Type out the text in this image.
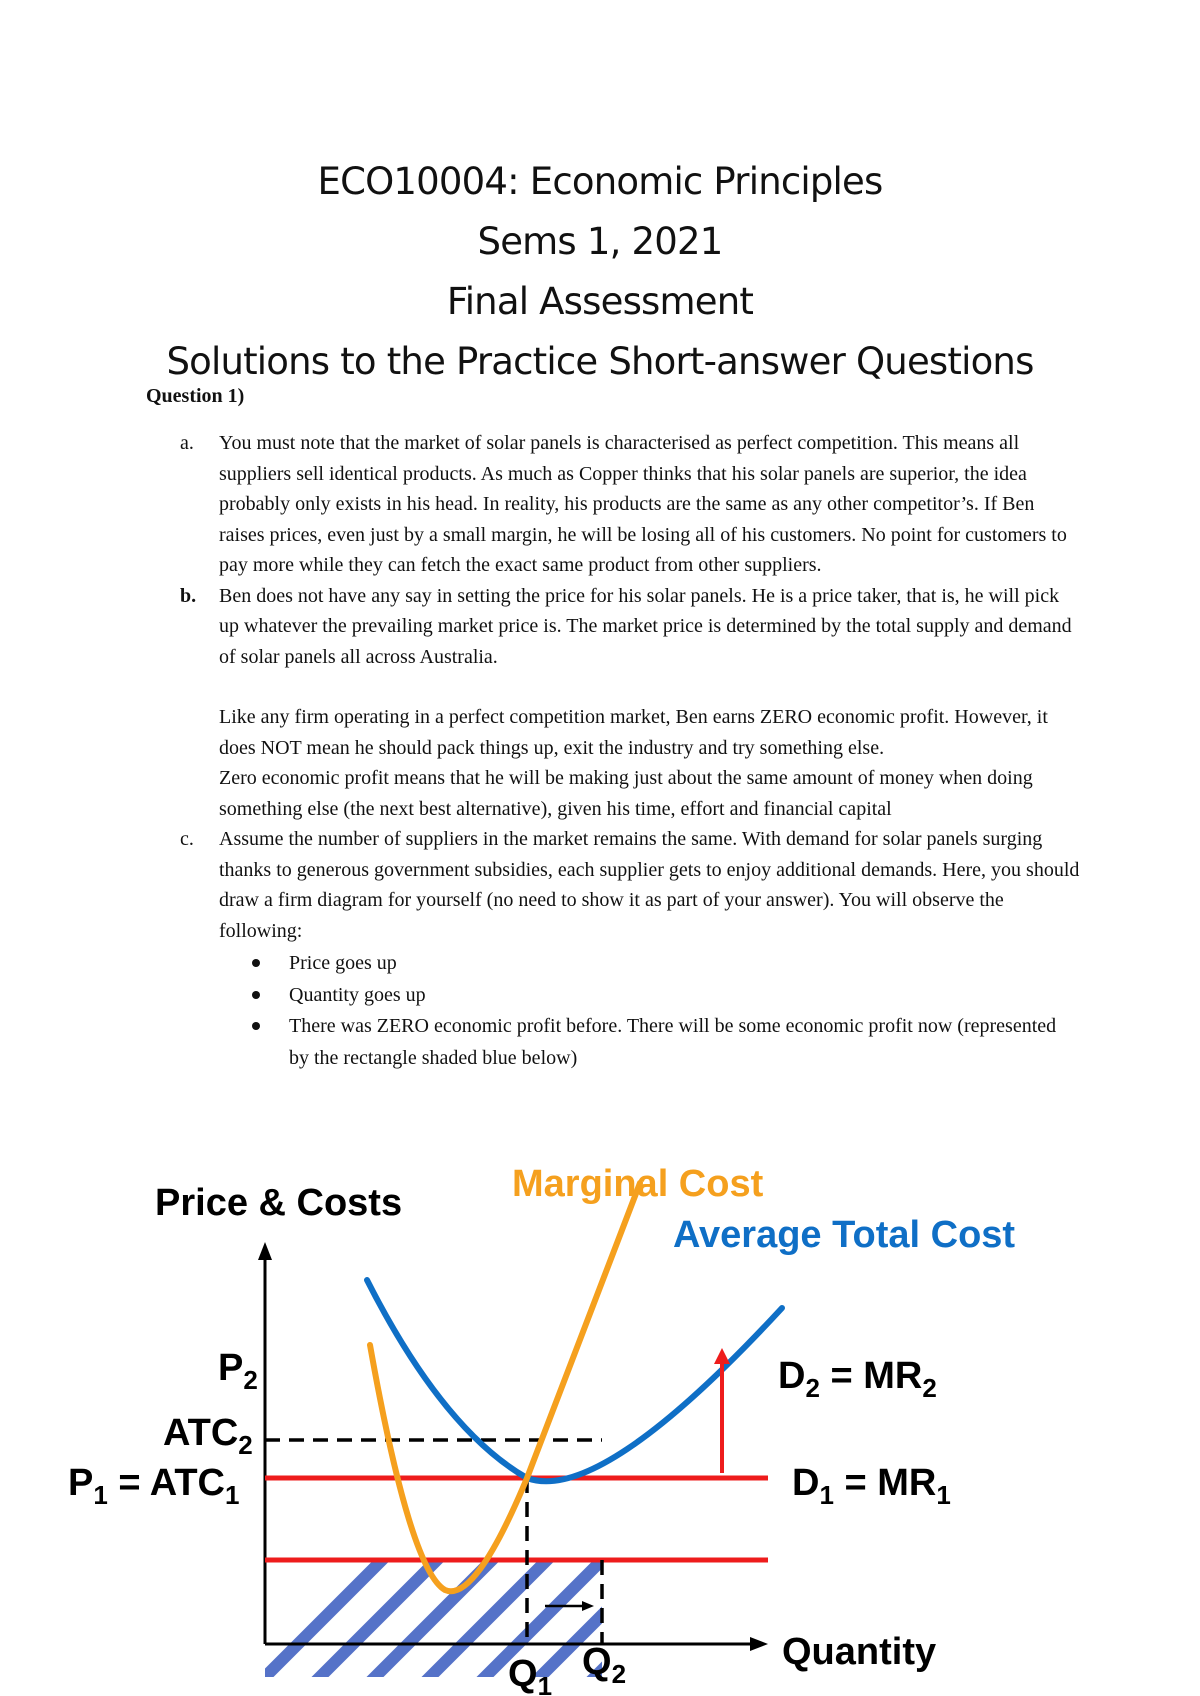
ECO10004: Economic Principles
Sems 1, 2021
Final Assessment
Solutions to the Practice Short-answer Questions
Question 1)
a. You must note that the market of solar panels is characterised as perfect competition. This means all suppliers sell identical products. As much as Copper thinks that his solar panels are superior, the idea probably only exists in his head. In reality, his products are the same as any other competitor’s. If Ben raises prices, even just by a small margin, he will be losing all of his customers. No point for customers to pay more while they can fetch the exact same product from other suppliers.

b. Ben does not have any say in setting the price for his solar panels. He is a price taker, that is, he will pick up whatever the prevailing market price is. The market price is determined by the total supply and demand of solar panels all across Australia.

Like any firm operating in a perfect competition market, Ben earns ZERO economic profit. However, it does NOT mean he should pack things up, exit the industry and try something else.

Zero economic profit means that he will be making just about the same amount of money when doing something else (the next best alternative), given his time, effort and financial capital

c. Assume the number of suppliers in the market remains the same. With demand for solar panels surging thanks to generous government subsidies, each supplier gets to enjoy additional demands. Here, you should draw a firm diagram for yourself (no need to show it as part of your answer). You will observe the following:

Price goes up
Quantity goes up
There was ZERO economic profit before. There will be some economic profit now (represented by the rectangle shaded blue below)
Price & Costs	Marginal Cost
Average Total Cost
Quantity
$P_2$
$ATC_2$
$P_1 = ATC_1$
$D_2 = MR_2$
$D_1 = MR_1$
$Q_1$
$Q_2$
